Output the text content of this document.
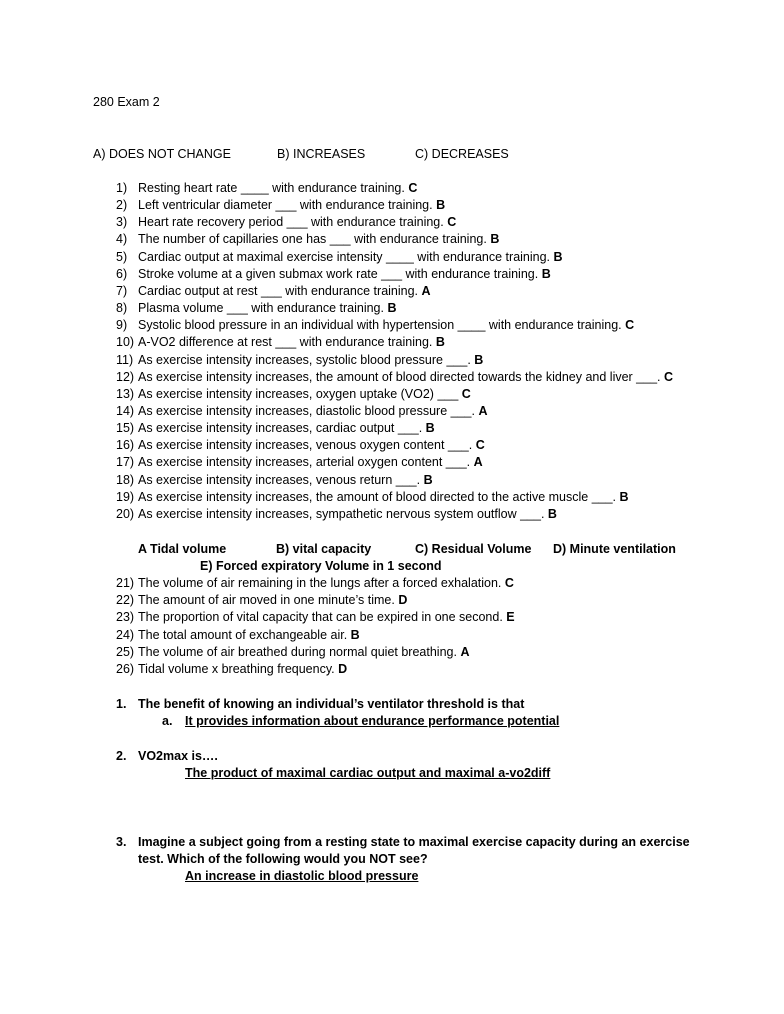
280 Exam 2
A) DOES NOT CHANGE	B) INCREASES	C) DECREASES
1) Resting heart rate ____ with endurance training. C
2) Left ventricular diameter ___ with endurance training. B
3) Heart rate recovery period ___ with endurance training. C
4) The number of capillaries one has ___ with endurance training. B
5) Cardiac output at maximal exercise intensity ____ with endurance training. B
6) Stroke volume at a given submax work rate ___ with endurance training. B
7) Cardiac output at rest ___ with endurance training. A
8) Plasma volume ___ with endurance training. B
9) Systolic blood pressure in an individual with hypertension ____ with endurance training. C
10) A-VO2 difference at rest ___ with endurance training. B
11) As exercise intensity increases, systolic blood pressure ___. B
12) As exercise intensity increases, the amount of blood directed towards the kidney and liver ___. C
13) As exercise intensity increases, oxygen uptake (VO2) ___ C
14) As exercise intensity increases, diastolic blood pressure ___. A
15) As exercise intensity increases, cardiac output ___. B
16) As exercise intensity increases, venous oxygen content ___. C
17) As exercise intensity increases, arterial oxygen content ___. A
18) As exercise intensity increases, venous return ___. B
19) As exercise intensity increases, the amount of blood directed to the active muscle ___. B
20) As exercise intensity increases, sympathetic nervous system outflow ___. B
A Tidal volume	B) vital capacity	C) Residual Volume D) Minute ventilation
E) Forced expiratory Volume in 1 second
21) The volume of air remaining in the lungs after a forced exhalation. C
22) The amount of air moved in one minute’s time. D
23) The proportion of vital capacity that can be expired in one second. E
24) The total amount of exchangeable air. B
25) The volume of air breathed during normal quiet breathing. A
26) Tidal volume x breathing frequency. D
1. The benefit of knowing an individual’s ventilator threshold is that
a. It provides information about endurance performance potential
2. VO2max is….
The product of maximal cardiac output and maximal a-vo2diff
3. Imagine a subject going from a resting state to maximal exercise capacity during an exercise
test. Which of the following would you NOT see?
An increase in diastolic blood pressure
